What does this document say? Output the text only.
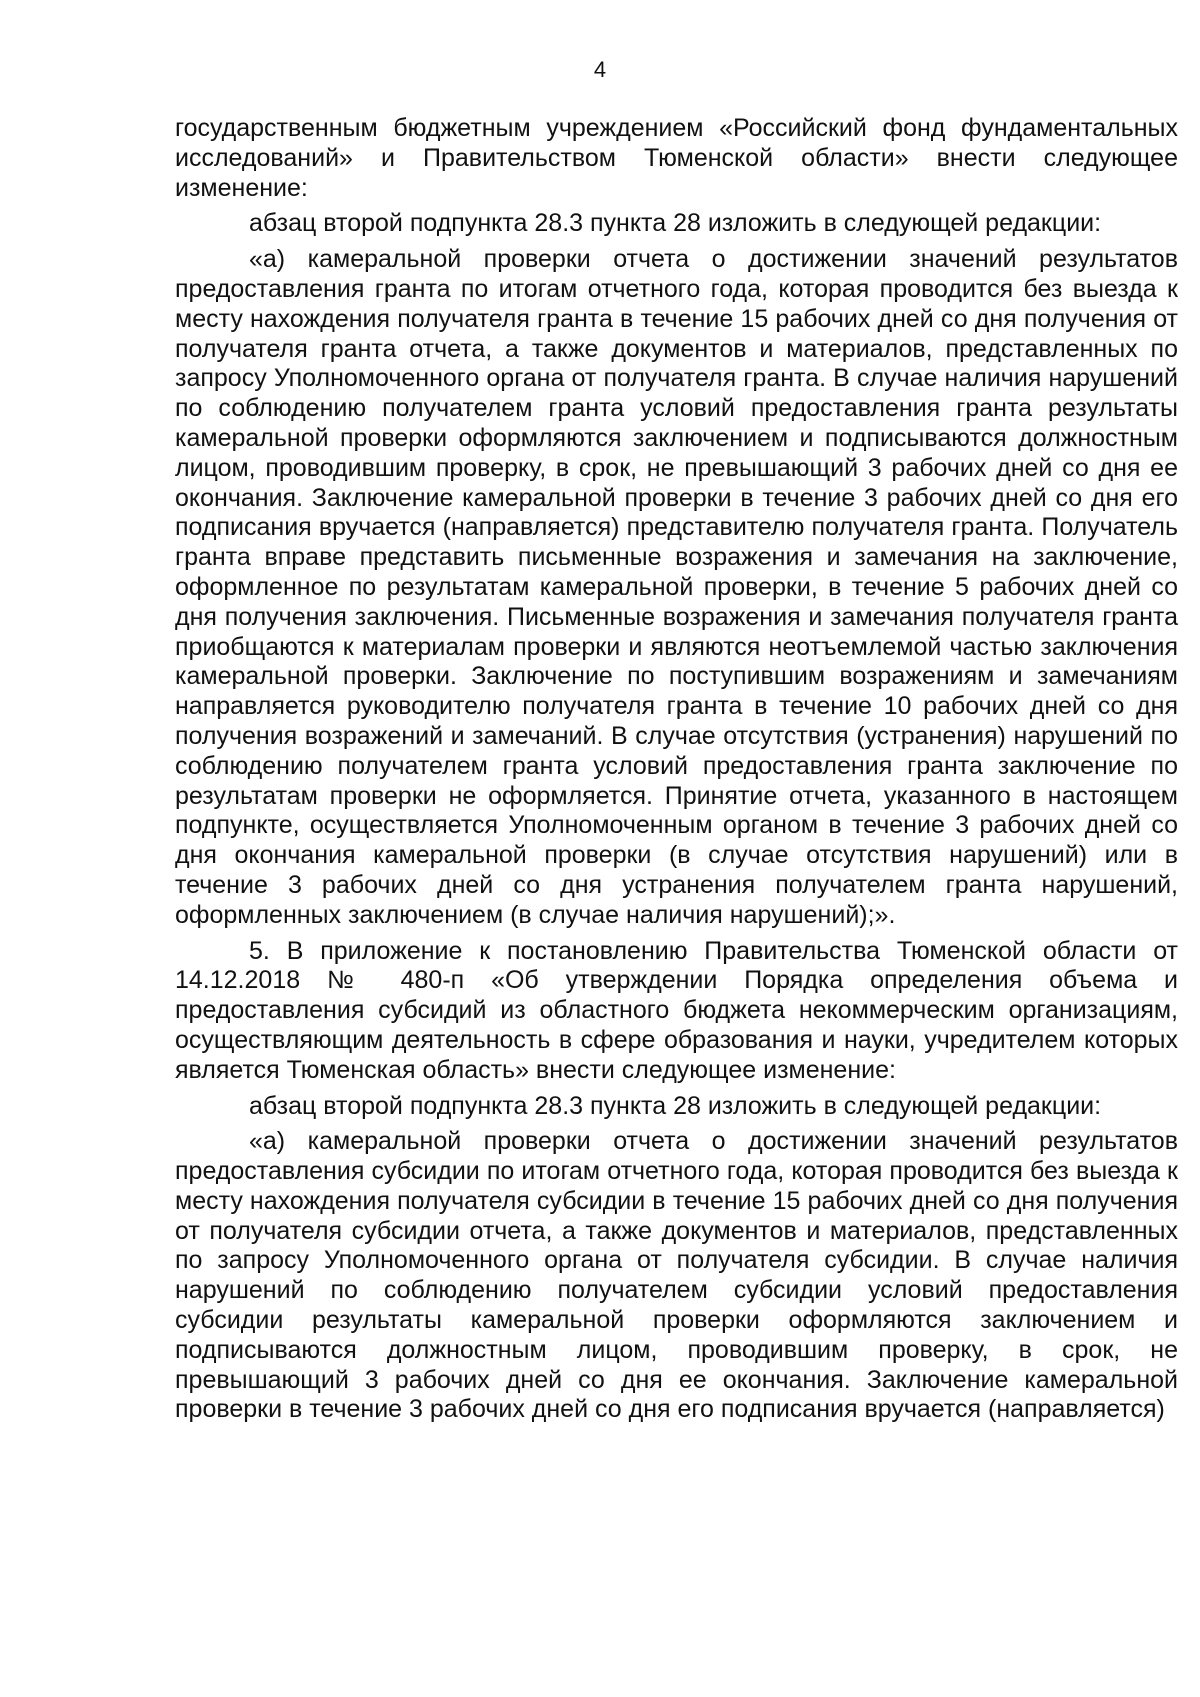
4

государственным бюджетным учреждением «Российский фонд фундаментальных исследований» и Правительством Тюменской области» внести следующее изменение:

абзац второй подпункта 28.3 пункта 28 изложить в следующей редакции:

«а) камеральной проверки отчета о достижении значений результатов предоставления гранта по итогам отчетного года, которая проводится без выезда к месту нахождения получателя гранта в течение 15 рабочих дней со дня получения от получателя гранта отчета, а также документов и материалов, представленных по запросу Уполномоченного органа от получателя гранта. В случае наличия нарушений по соблюдению получателем гранта условий предоставления гранта результаты камеральной проверки оформляются заключением и подписываются должностным лицом, проводившим проверку, в срок, не превышающий 3 рабочих дней со дня ее окончания. Заключение камеральной проверки в течение 3 рабочих дней со дня его подписания вручается (направляется) представителю получателя гранта. Получатель гранта вправе представить письменные возражения и замечания на заключение, оформленное по результатам камеральной проверки, в течение 5 рабочих дней со дня получения заключения. Письменные возражения и замечания получателя гранта приобщаются к материалам проверки и являются неотъемлемой частью заключения камеральной проверки. Заключение по поступившим возражениям и замечаниям направляется руководителю получателя гранта в течение 10 рабочих дней со дня получения возражений и замечаний. В случае отсутствия (устранения) нарушений по соблюдению получателем гранта условий предоставления гранта заключение по результатам проверки не оформляется. Принятие отчета, указанного в настоящем подпункте, осуществляется Уполномоченным органом в течение 3 рабочих дней со дня окончания камеральной проверки (в случае отсутствия нарушений) или в течение 3 рабочих дней со дня устранения получателем гранта нарушений, оформленных заключением (в случае наличия нарушений);».

5. В приложение к постановлению Правительства Тюменской области от 14.12.2018 № 480-п «Об утверждении Порядка определения объема и предоставления субсидий из областного бюджета некоммерческим организациям, осуществляющим деятельность в сфере образования и науки, учредителем которых является Тюменская область» внести следующее изменение:

абзац второй подпункта 28.3 пункта 28 изложить в следующей редакции:

«а) камеральной проверки отчета о достижении значений результатов предоставления субсидии по итогам отчетного года, которая проводится без выезда к месту нахождения получателя субсидии в течение 15 рабочих дней со дня получения от получателя субсидии отчета, а также документов и материалов, представленных по запросу Уполномоченного органа от получателя субсидии. В случае наличия нарушений по соблюдению получателем субсидии условий предоставления субсидии результаты камеральной проверки оформляются заключением и подписываются должностным лицом, проводившим проверку, в срок, не превышающий 3 рабочих дней со дня ее окончания. Заключение камеральной проверки в течение 3 рабочих дней со дня его подписания вручается (направляется)
